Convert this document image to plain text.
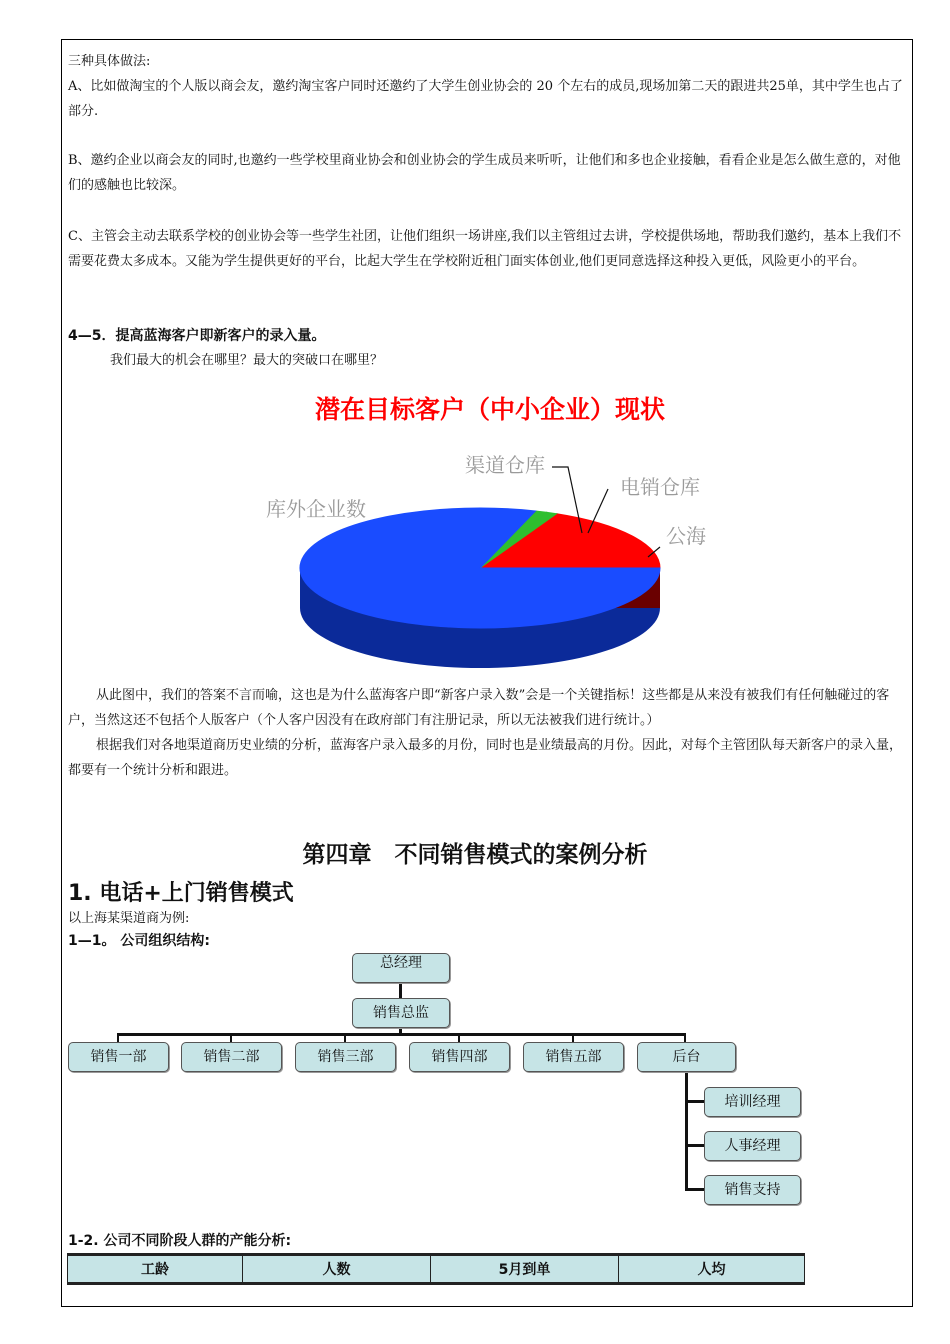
三种具体做法:

A、比如做淘宝的个人版以商会友，邀约淘宝客户同时还邀约了大学生创业协会的 20 个左右的成员,现场加第二天的跟进共25单，其中学生也占了部分.

B、邀约企业以商会友的同时,也邀约一些学校里商业协会和创业协会的学生成员来听听，让他们和多也企业接触，看看企业是怎么做生意的，对他们的感触也比较深。

C、主管会主动去联系学校的创业协会等一些学生社团，让他们组织一场讲座,我们以主管组过去讲，学校提供场地，帮助我们邀约，基本上我们不需要花费太多成本。又能为学生提供更好的平台，比起大学生在学校附近租门面实体创业,他们更同意选择这种投入更低，风险更小的平台。

4—5．提高蓝海客户即新客户的录入量。

我们最大的机会在哪里？最大的突破口在哪里？

潜在目标客户（中小企业）现状
库外企业数
公海
电销仓库
渠道仓库

从此图中，我们的答案不言而喻，这也是为什么蓝海客户即“新客户录入数”会是一个关键指标！这些都是从来没有被我们有任何触碰过的客户，当然这还不包括个人版客户（个人客户因没有在政府部门有注册记录，所以无法被我们进行统计。）

根据我们对各地渠道商历史业绩的分析，蓝海客户录入最多的月份，同时也是业绩最高的月份。因此，对每个主管团队每天新客户的录入量，都要有一个统计分析和跟进。

第四章　不同销售模式的案例分析
1. 电话+上门销售模式

以上海某渠道商为例:

1—1。 公司组织结构:

总经理
销售总监
销售一部	销售二部	销售三部	销售四部	销售五部	后台
培训经理
人事经理
销售支持

1-2. 公司不同阶段人群的产能分析:

工龄	人数	5月到单	人均
